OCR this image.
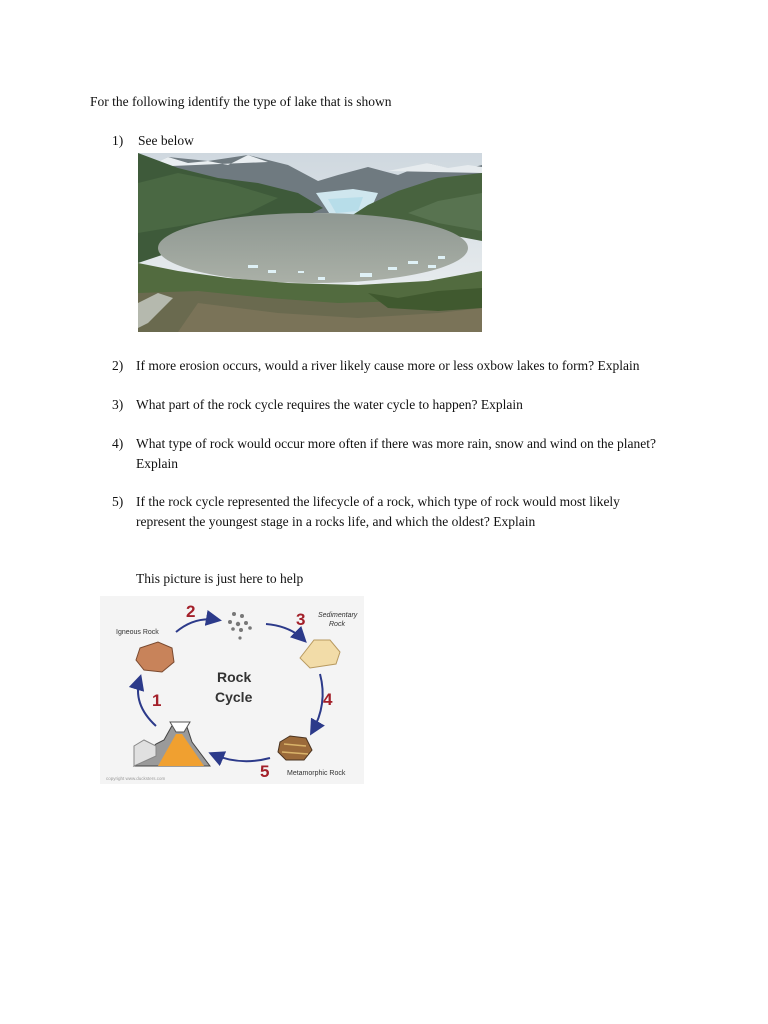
For the following identify the type of lake that is shown
1)	See below
2) If more erosion occurs, would a river likely cause more or less oxbow lakes to form? Explain
3) What part of the rock cycle requires the water cycle to happen? Explain
4) What type of rock would occur more often if there was more rain, snow and wind on the planet? Explain
5) If the rock cycle represented the lifecycle of a rock, which type of rock would most likely represent the youngest stage in a rocks life, and which the oldest? Explain
This picture is just here to help
2	3
4
5
1
Igneous Rock
Sedimentary
Rock
Metamorphic Rock
Rock
Cycle
copyright www.ducksters.com
